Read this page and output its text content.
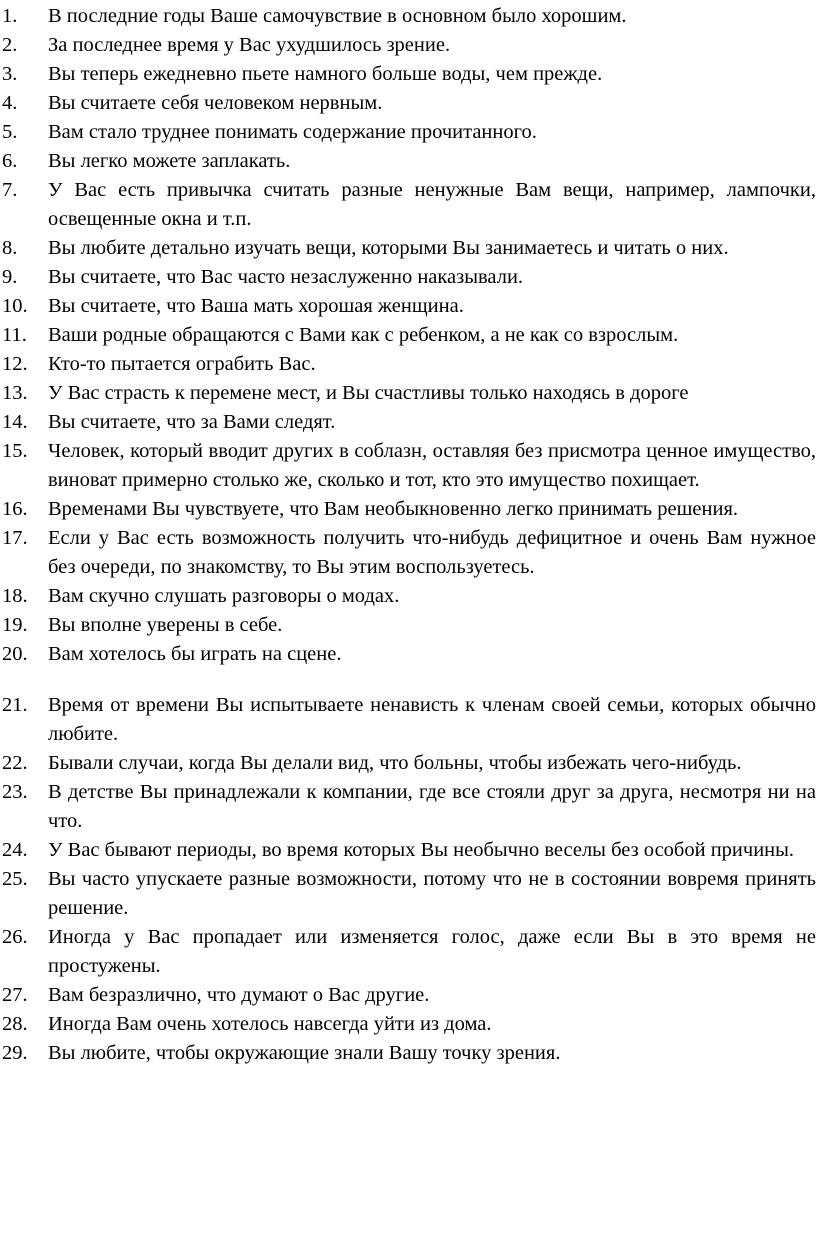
1.	В последние годы Ваше самочувствие в основном было хорошим.
2.	За последнее время у Вас ухудшилось зрение.
3.	Вы теперь ежедневно пьете намного больше воды, чем прежде.
4.	Вы считаете себя человеком нервным.
5.	Вам стало труднее понимать содержание прочитанного.
6.	Вы легко можете заплакать.
7.	У Вас есть привычка считать разные ненужные Вам вещи, например, лампочки, освещенные окна и т.п.
8.	Вы любите детально изучать вещи, которыми Вы занимаетесь и читать о них.
9.	Вы считаете, что Вас часто незаслуженно наказывали.
10. Вы считаете, что Ваша мать хорошая женщина.
11.	Ваши родные обращаются с Вами как с ребенком, а не как со взрослым.
12. Кто-то пытается ограбить Вас.
13. У Вас страсть к перемене мест, и Вы счастливы только находясь в дороге
14. Вы считаете, что за Вами следят.
15. Человек, который вводит других в соблазн, оставляя без присмотра ценное имущество, виноват примерно столько же, сколько и тот, кто это имущество похищает.
16. Временами Вы чувствуете, что Вам необыкновенно легко принимать решения.
17. Если у Вас есть возможность получить что-нибудь дефицитное и очень Вам нужное без очереди, по знакомству, то Вы этим воспользуетесь.
18. Вам скучно слушать разговоры о модах.
19. Вы вполне уверены в себе.
20. Вам хотелось бы играть на сцене.
21. Время от времени Вы испытываете ненависть к членам своей семьи, которых обычно любите.
22. Бывали случаи, когда Вы делали вид, что больны, чтобы избежать чего-нибудь.
23. В детстве Вы принадлежали к компании, где все стояли друг за друга, несмотря ни на что.
24. У Вас бывают периоды, во время которых Вы необычно веселы без особой причины.
25. Вы часто упускаете разные возможности, потому что не в состоянии вовремя принять решение.
26. Иногда у Вас пропадает или изменяется голос, даже если Вы в это время не простужены.
27. Вам безразлично, что думают о Вас другие.
28. Иногда Вам очень хотелось навсегда уйти из дома.
29. Вы любите, чтобы окружающие знали Вашу точку зрения.
